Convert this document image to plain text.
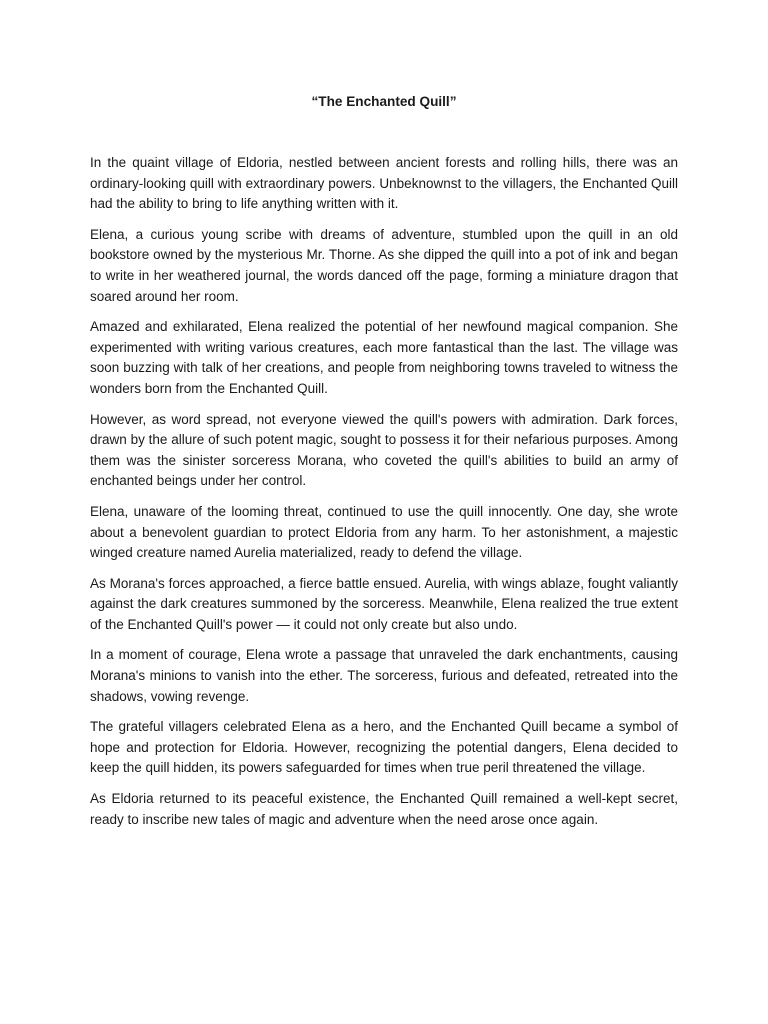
“The Enchanted Quill”

In the quaint village of Eldoria, nestled between ancient forests and rolling hills, there was an ordinary-looking quill with extraordinary powers. Unbeknownst to the villagers, the Enchanted Quill had the ability to bring to life anything written with it.

Elena, a curious young scribe with dreams of adventure, stumbled upon the quill in an old bookstore owned by the mysterious Mr. Thorne. As she dipped the quill into a pot of ink and began to write in her weathered journal, the words danced off the page, forming a miniature dragon that soared around her room.

Amazed and exhilarated, Elena realized the potential of her newfound magical companion. She experimented with writing various creatures, each more fantastical than the last. The village was soon buzzing with talk of her creations, and people from neighboring towns traveled to witness the wonders born from the Enchanted Quill.

However, as word spread, not everyone viewed the quill's powers with admiration. Dark forces, drawn by the allure of such potent magic, sought to possess it for their nefarious purposes. Among them was the sinister sorceress Morana, who coveted the quill's abilities to build an army of enchanted beings under her control.

Elena, unaware of the looming threat, continued to use the quill innocently. One day, she wrote about a benevolent guardian to protect Eldoria from any harm. To her astonishment, a majestic winged creature named Aurelia materialized, ready to defend the village.

As Morana's forces approached, a fierce battle ensued. Aurelia, with wings ablaze, fought valiantly against the dark creatures summoned by the sorceress. Meanwhile, Elena realized the true extent of the Enchanted Quill's power — it could not only create but also undo.

In a moment of courage, Elena wrote a passage that unraveled the dark enchantments, causing Morana's minions to vanish into the ether. The sorceress, furious and defeated, retreated into the shadows, vowing revenge.

The grateful villagers celebrated Elena as a hero, and the Enchanted Quill became a symbol of hope and protection for Eldoria. However, recognizing the potential dangers, Elena decided to keep the quill hidden, its powers safeguarded for times when true peril threatened the village.

As Eldoria returned to its peaceful existence, the Enchanted Quill remained a well-kept secret, ready to inscribe new tales of magic and adventure when the need arose once again.
